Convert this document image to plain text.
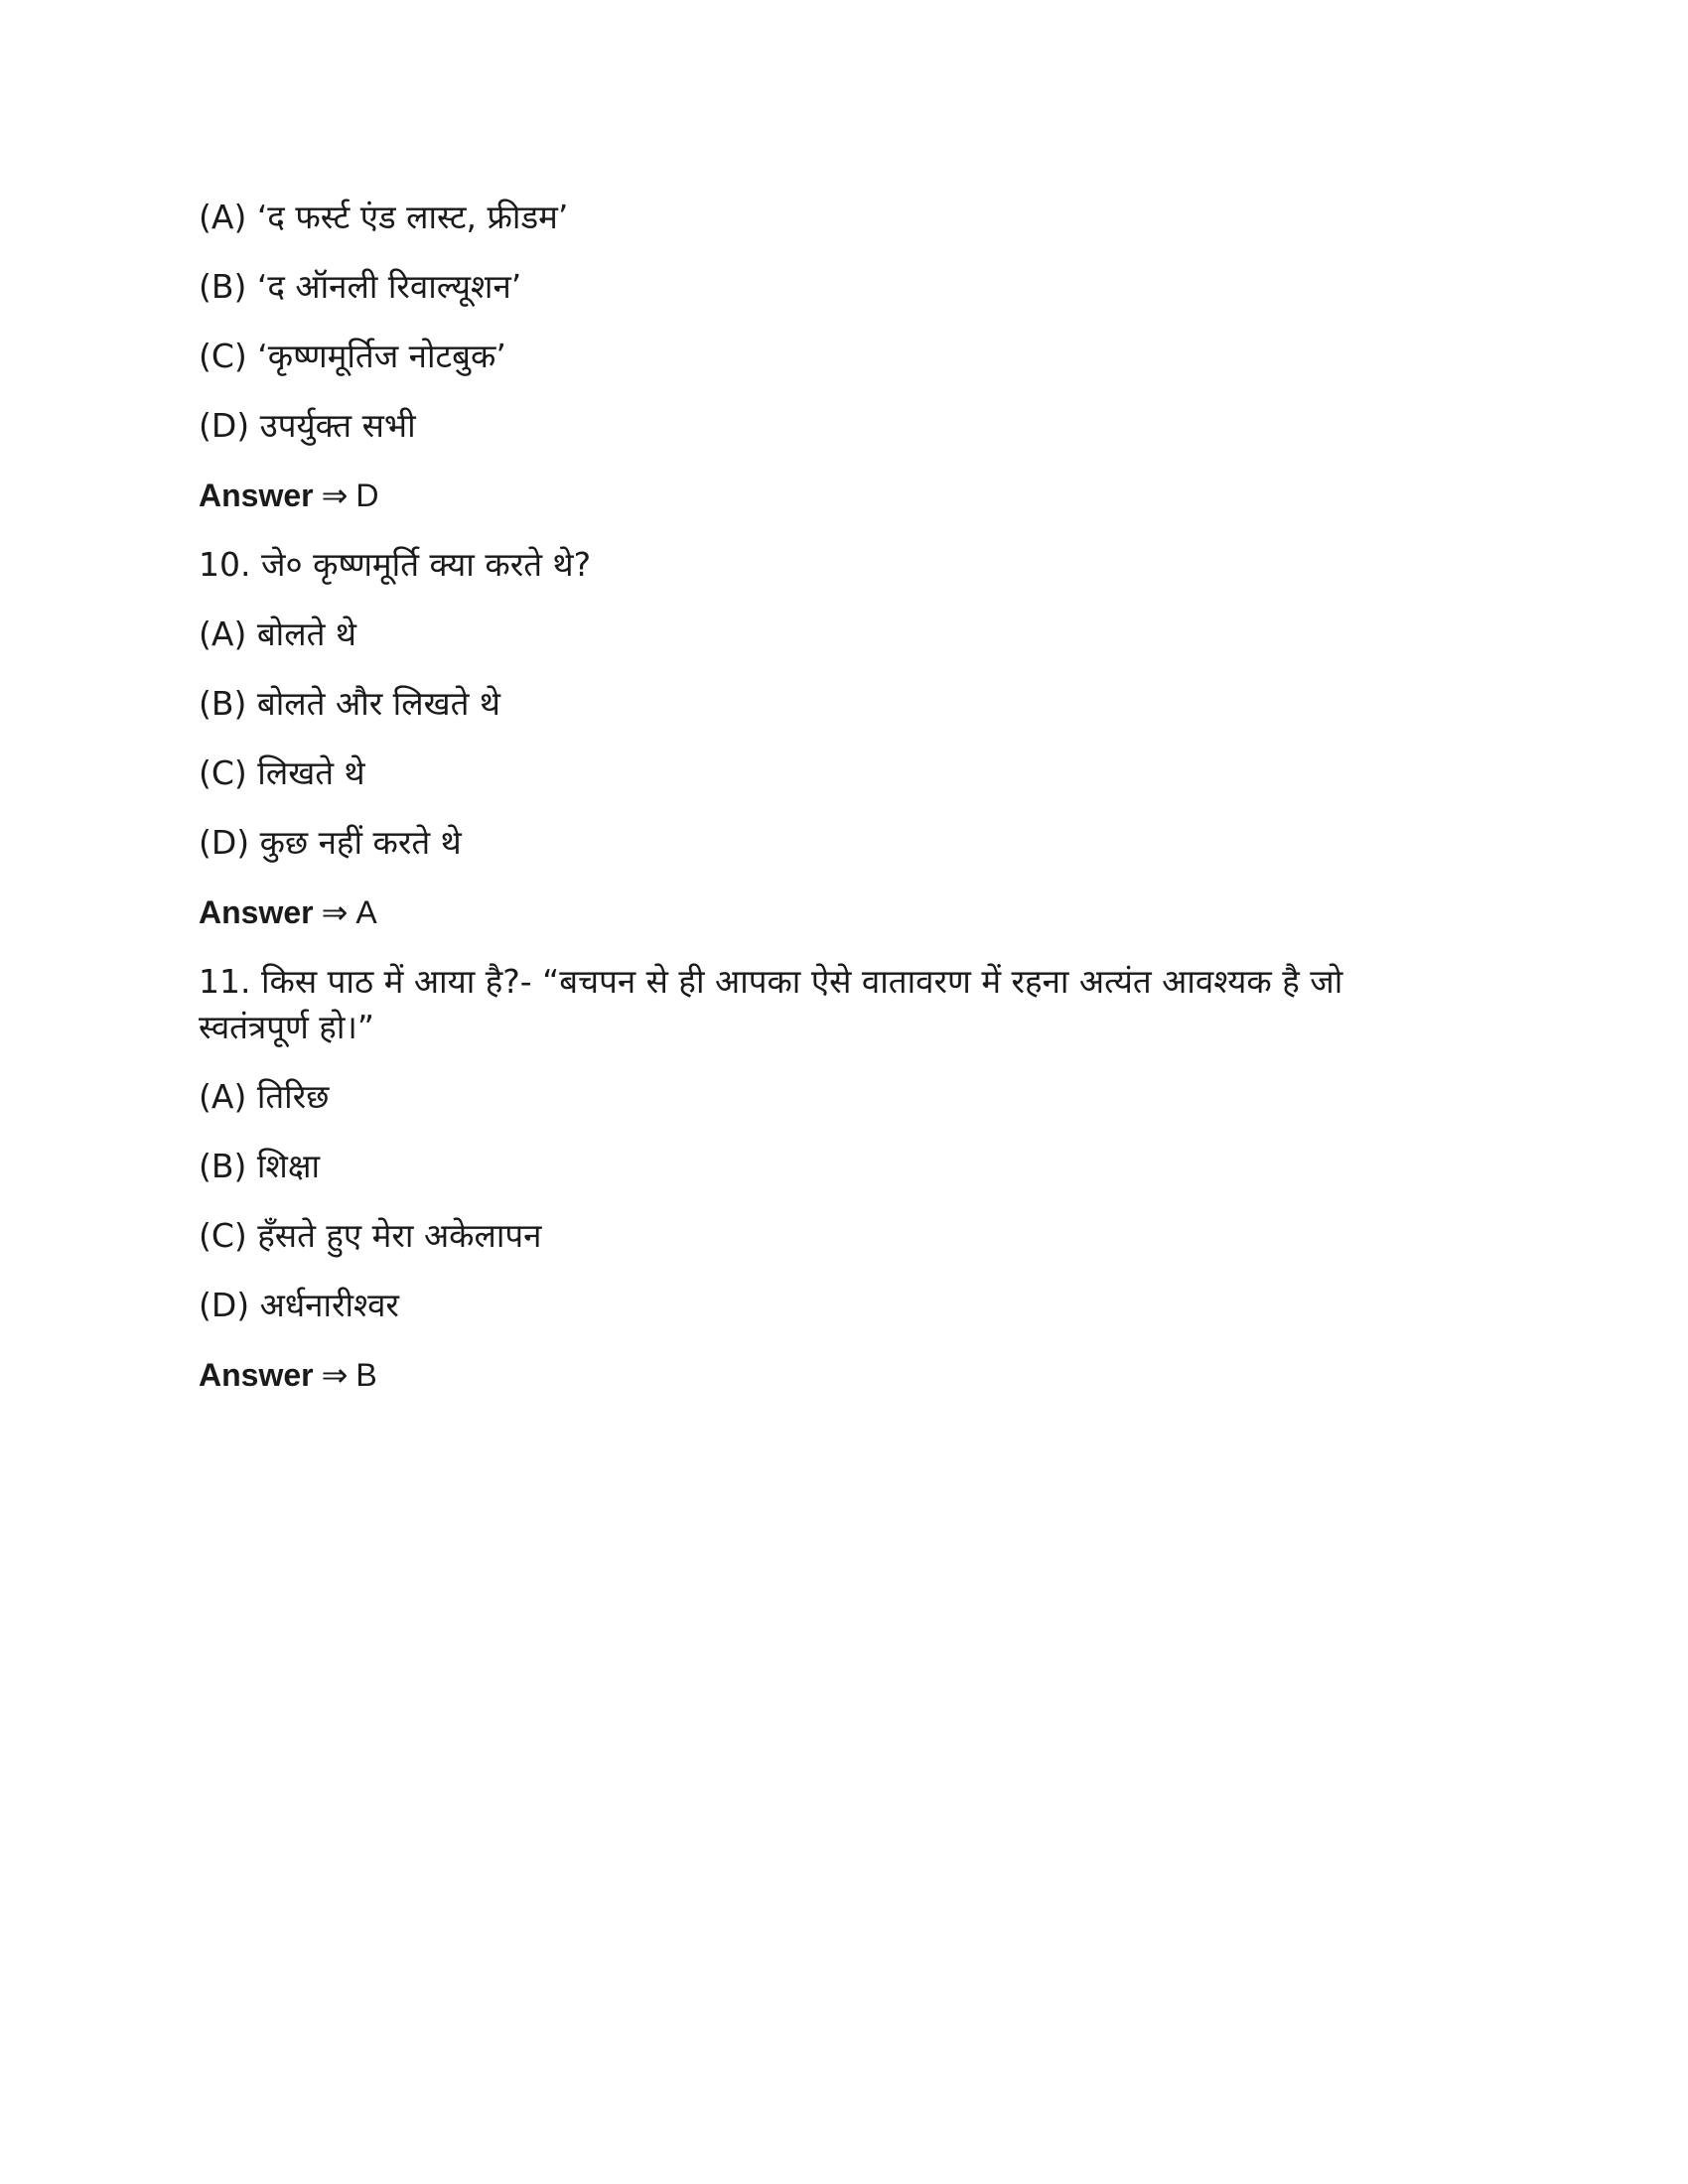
(A) ‘द फर्स्ट एंड लास्ट, फ्रीडम’
(B) ‘द ऑनली रिवाल्यूशन’
(C) ‘कृष्णमूर्तिज नोटबुक’
(D) उपर्युक्त सभी
Answer ⇒ D
10. जे० कृष्णमूर्ति क्या करते थे?
(A) बोलते थे
(B) बोलते और लिखते थे
(C) लिखते थे
(D) कुछ नहीं करते थे
Answer ⇒ A
11. किस पाठ में आया है?- “बचपन से ही आपका ऐसे वातावरण में रहना अत्यंत आवश्यक है जो स्वतंत्रपूर्ण हो।”
(A) तिरिछ
(B) शिक्षा
(C) हँसते हुए मेरा अकेलापन
(D) अर्धनारीश्वर
Answer ⇒ B
